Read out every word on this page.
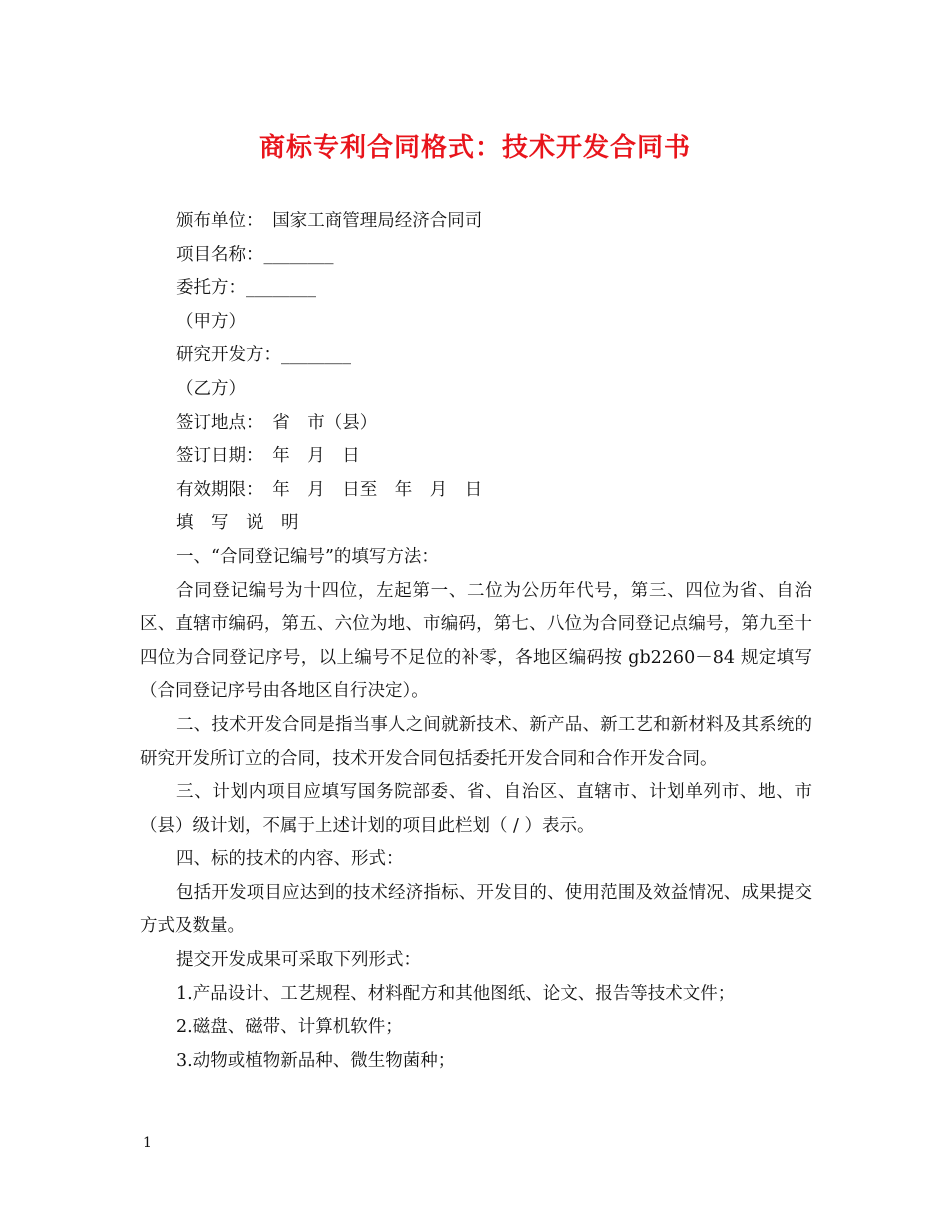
商标专利合同格式：技术开发合同书
颁布单位：　国家工商管理局经济合同司
项目名称：________
委托方：________
（甲方）
研究开发方：________
（乙方）
签订地点：　省　市（县）
签订日期：　年　月　日
有效期限：　年　月　日至　年　月　日
填　写　说　明
一、“合同登记编号”的填写方法：
合同登记编号为十四位，左起第一、二位为公历年代号，第三、四位为省、自治区、直辖市编码，第五、六位为地、市编码，第七、八位为合同登记点编号，第九至十四位为合同登记序号，以上编号不足位的补零，各地区编码按 gb2260－84 规定填写（合同登记序号由各地区自行决定）。
二、技术开发合同是指当事人之间就新技术、新产品、新工艺和新材料及其系统的研究开发所订立的合同，技术开发合同包括委托开发合同和合作开发合同。
三、计划内项目应填写国务院部委、省、自治区、直辖市、计划单列市、地、市（县）级计划，不属于上述计划的项目此栏划（ / ）表示。
四、标的技术的内容、形式：
包括开发项目应达到的技术经济指标、开发目的、使用范围及效益情况、成果提交方式及数量。
提交开发成果可采取下列形式：
1.产品设计、工艺规程、材料配方和其他图纸、论文、报告等技术文件；
2.磁盘、磁带、计算机软件；
3.动物或植物新品种、微生物菌种；
1
